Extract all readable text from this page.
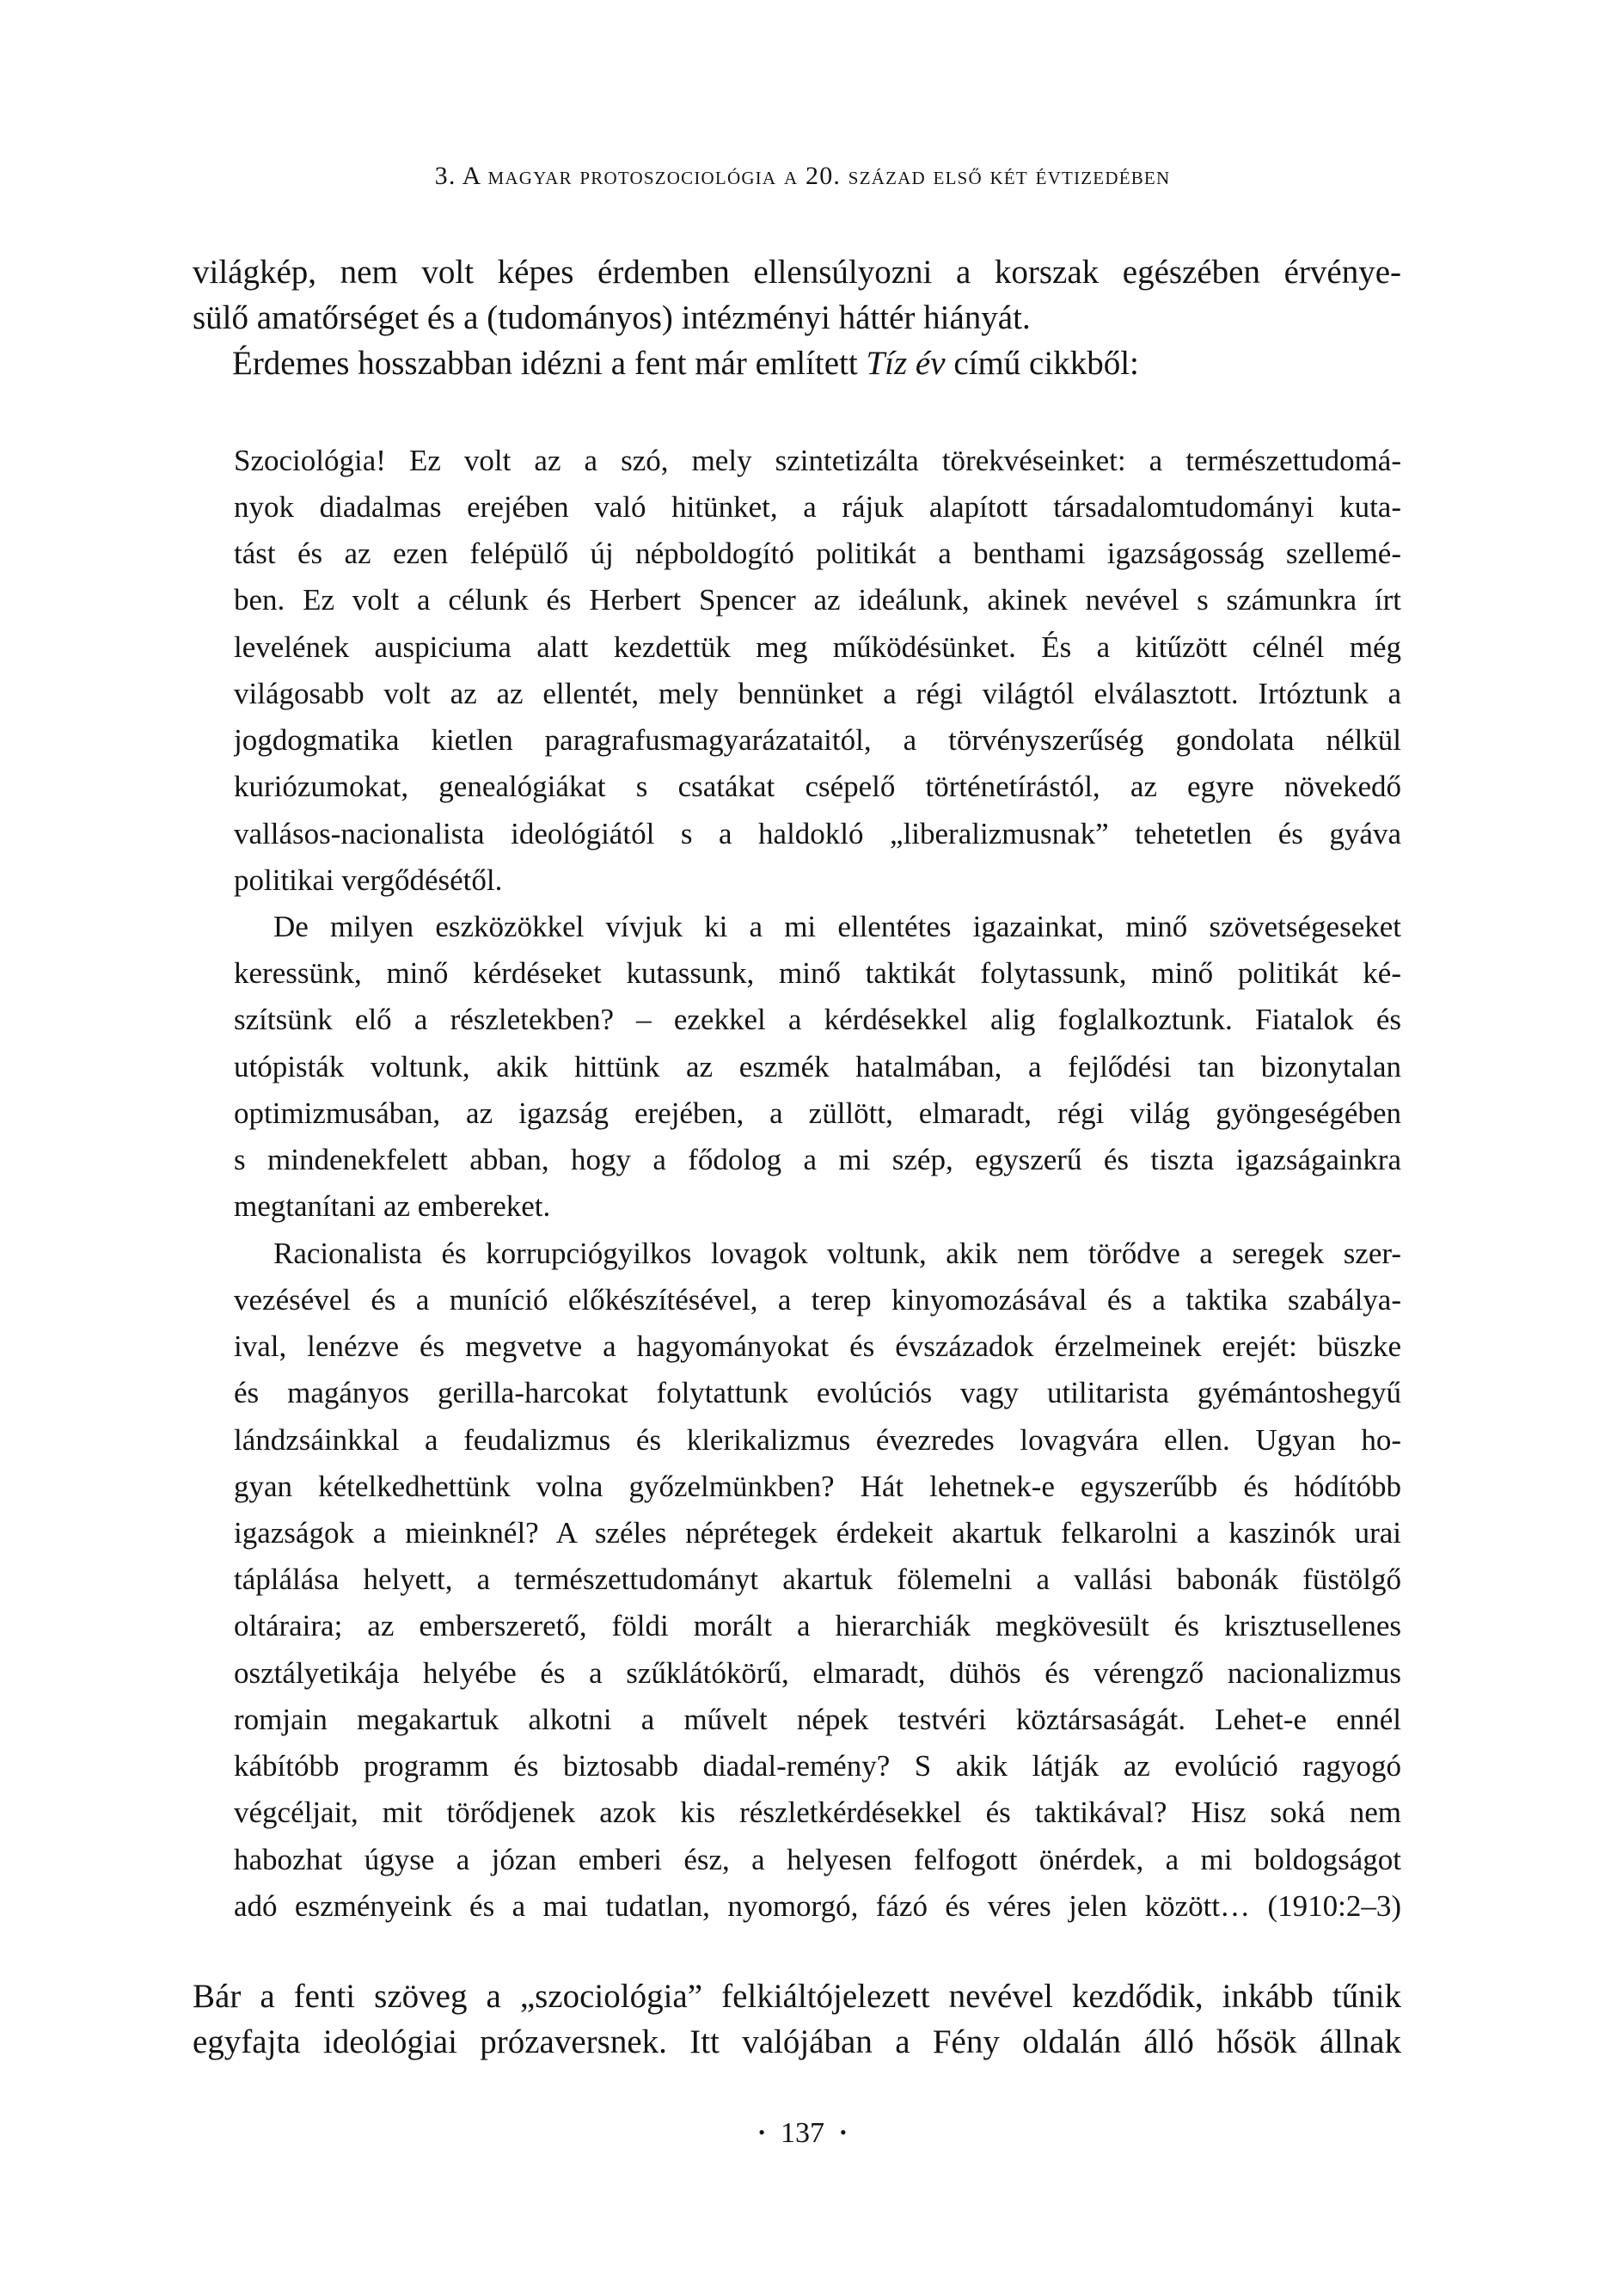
3. A magyar protoszociológia a 20. század első két évtizedében
világkép, nem volt képes érdemben ellensúlyozni a korszak egészében érvénye-
sülő amatőrséget és a (tudományos) intézményi háttér hiányát.
Érdemes hosszabban idézni a fent már említett Tíz év című cikkből:
Szociológia! Ez volt az a szó, mely szintetizálta törekvéseinket: a természettudomá-
nyok diadalmas erejében való hitünket, a rájuk alapított társadalomtudományi kuta-
tást és az ezen felépülő új népboldogító politikát a benthami igazságosság szellemé-
ben. Ez volt a célunk és Herbert Spencer az ideálunk, akinek nevével s számunkra írt
levelének auspiciuma alatt kezdettük meg működésünket. És a kitűzött célnél még
világosabb volt az az ellentét, mely bennünket a régi világtól elválasztott. Irtóztunk a
jogdogmatika kietlen paragrafusmagyarázataitól, a törvényszerűség gondolata nélkül
kuriózumokat, genealógiákat s csatákat csépelő történetírástól, az egyre növekedő
vallásos-nacionalista ideológiától s a haldokló „liberalizmusnak” tehetetlen és gyáva
politikai vergődésétől.
De milyen eszközökkel vívjuk ki a mi ellentétes igazainkat, minő szövetségeseket
keressünk, minő kérdéseket kutassunk, minő taktikát folytassunk, minő politikát ké-
szítsünk elő a részletekben? – ezekkel a kérdésekkel alig foglalkoztunk. Fiatalok és
utópisták voltunk, akik hittünk az eszmék hatalmában, a fejlődési tan bizonytalan
optimizmusában, az igazság erejében, a züllött, elmaradt, régi világ gyöngeségében
s mindenekfelett abban, hogy a fődolog a mi szép, egyszerű és tiszta igazságainkra
megtanítani az embereket.
Racionalista és korrupciógyilkos lovagok voltunk, akik nem törődve a seregek szer-
vezésével és a muníció előkészítésével, a terep kinyomozásával és a taktika szabálya-
ival, lenézve és megvetve a hagyományokat és évszázadok érzelmeinek erejét: büszke
és magányos gerilla-harcokat folytattunk evolúciós vagy utilitarista gyémántoshegyű
lándzsáinkkal a feudalizmus és klerikalizmus évezredes lovagvára ellen. Ugyan ho-
gyan kételkedhettünk volna győzelmünkben? Hát lehetnek-e egyszerűbb és hódítóbb
igazságok a mieinknél? A széles néprétegek érdekeit akartuk felkarolni a kaszinók urai
táplálása helyett, a természettudományt akartuk fölemelni a vallási babonák füstölgő
oltáraira; az emberszerető, földi morált a hierarchiák megkövesült és krisztusellenes
osztályetikája helyébe és a szűklátókörű, elmaradt, dühös és vérengző nacionalizmus
romjain megakartuk alkotni a művelt népek testvéri köztársaságát. Lehet-e ennél
kábítóbb programm és biztosabb diadal-remény? S akik látják az evolúció ragyogó
végcéljait, mit törődjenek azok kis részletkérdésekkel és taktikával? Hisz soká nem
habozhat úgyse a józan emberi ész, a helyesen felfogott önérdek, a mi boldogságot
adó eszményeink és a mai tudatlan, nyomorgó, fázó és véres jelen között… (1910:2–3)
Bár a fenti szöveg a „szociológia” felkiáltójelezett nevével kezdődik, inkább tűnik
egyfajta ideológiai prózaversnek. Itt valójában a Fény oldalán álló hősök állnak
• 137 •
